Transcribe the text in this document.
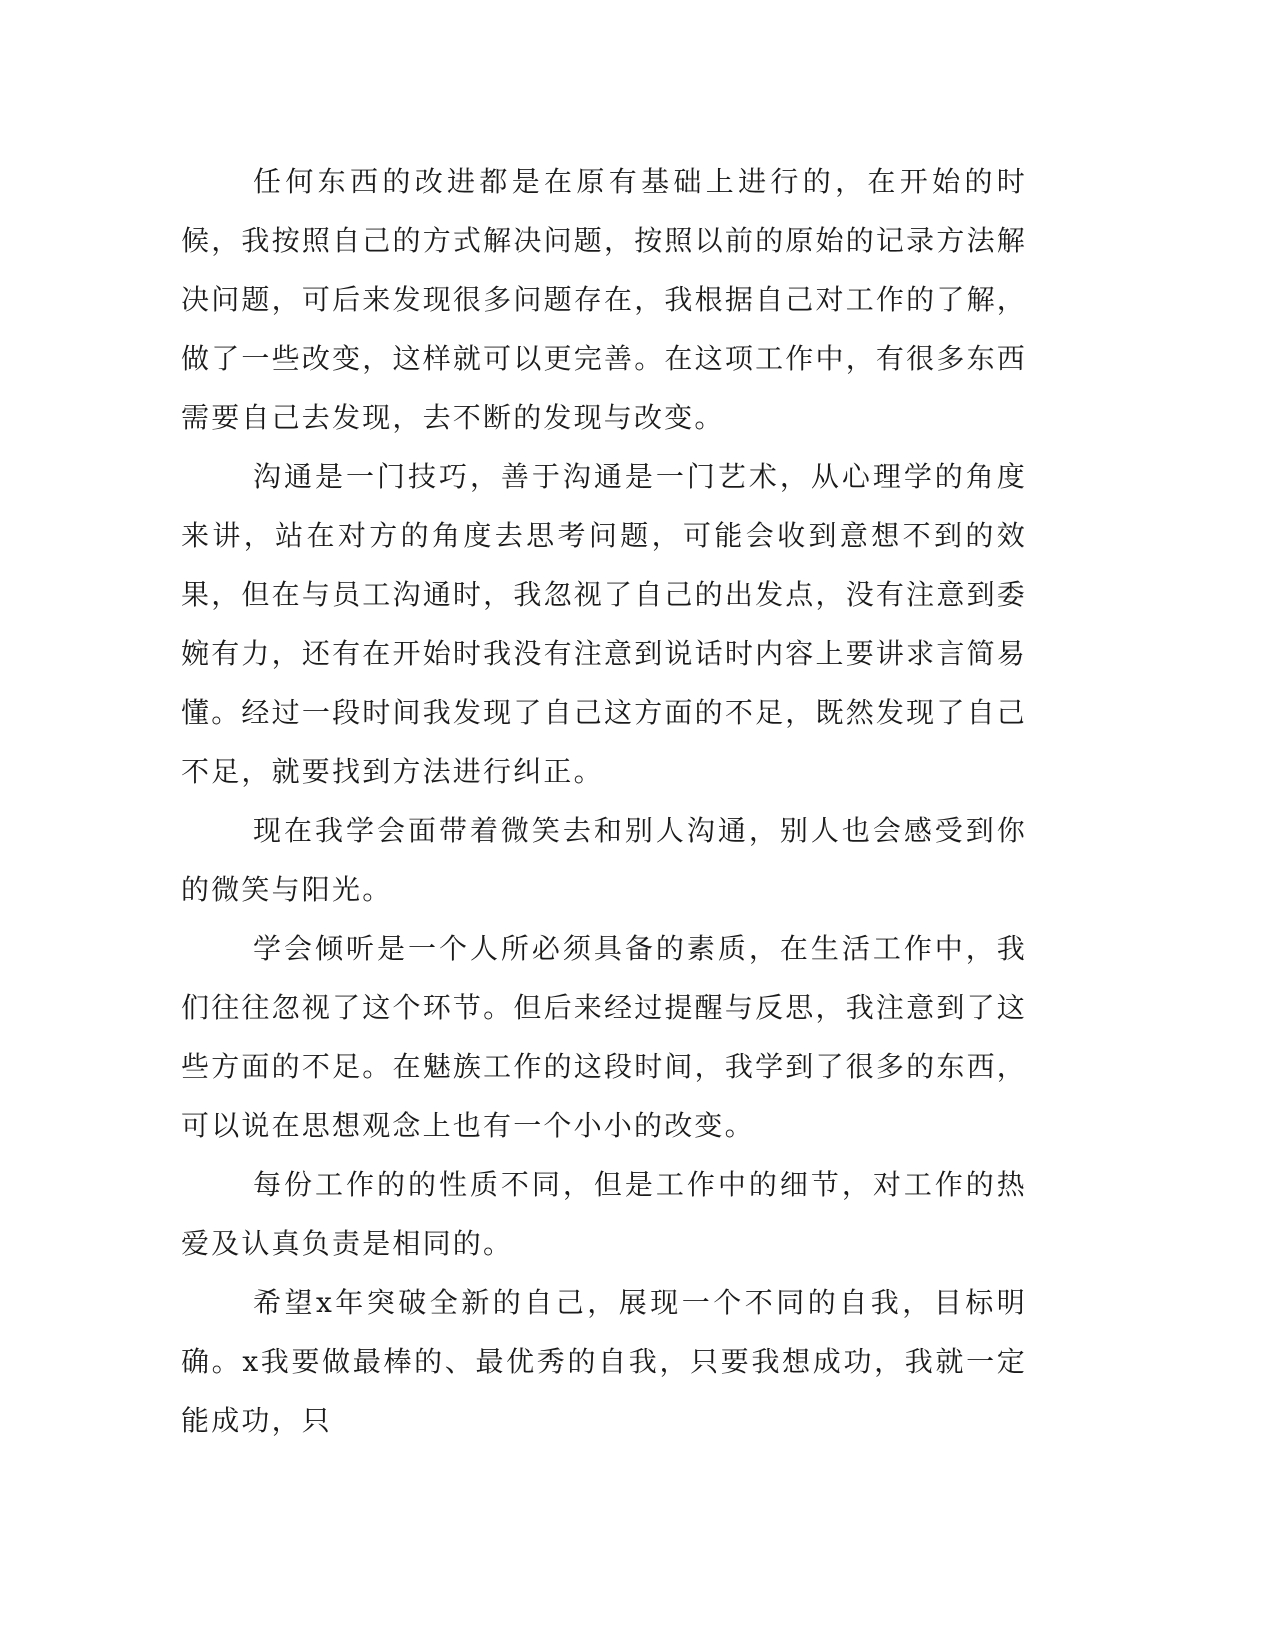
任何东西的改进都是在原有基础上进行的，在开始的时候，我按照自己的方式解决问题，按照以前的原始的记录方法解决问题，可后来发现很多问题存在，我根据自己对工作的了解，做了一些改变，这样就可以更完善。在这项工作中，有很多东西需要自己去发现，去不断的发现与改变。

沟通是一门技巧，善于沟通是一门艺术，从心理学的角度来讲，站在对方的角度去思考问题，可能会收到意想不到的效果，但在与员工沟通时，我忽视了自己的出发点，没有注意到委婉有力，还有在开始时我没有注意到说话时内容上要讲求言简易懂。经过一段时间我发现了自己这方面的不足，既然发现了自己不足，就要找到方法进行纠正。

现在我学会面带着微笑去和别人沟通，别人也会感受到你的微笑与阳光。

学会倾听是一个人所必须具备的素质，在生活工作中，我们往往忽视了这个环节。但后来经过提醒与反思，我注意到了这些方面的不足。在魅族工作的这段时间，我学到了很多的东西，可以说在思想观念上也有一个小小的改变。

每份工作的的性质不同，但是工作中的细节，对工作的热爱及认真负责是相同的。

希望x年突破全新的自己，展现一个不同的自我，目标明确。x我要做最棒的、最优秀的自我，只要我想成功，我就一定能成功，只
